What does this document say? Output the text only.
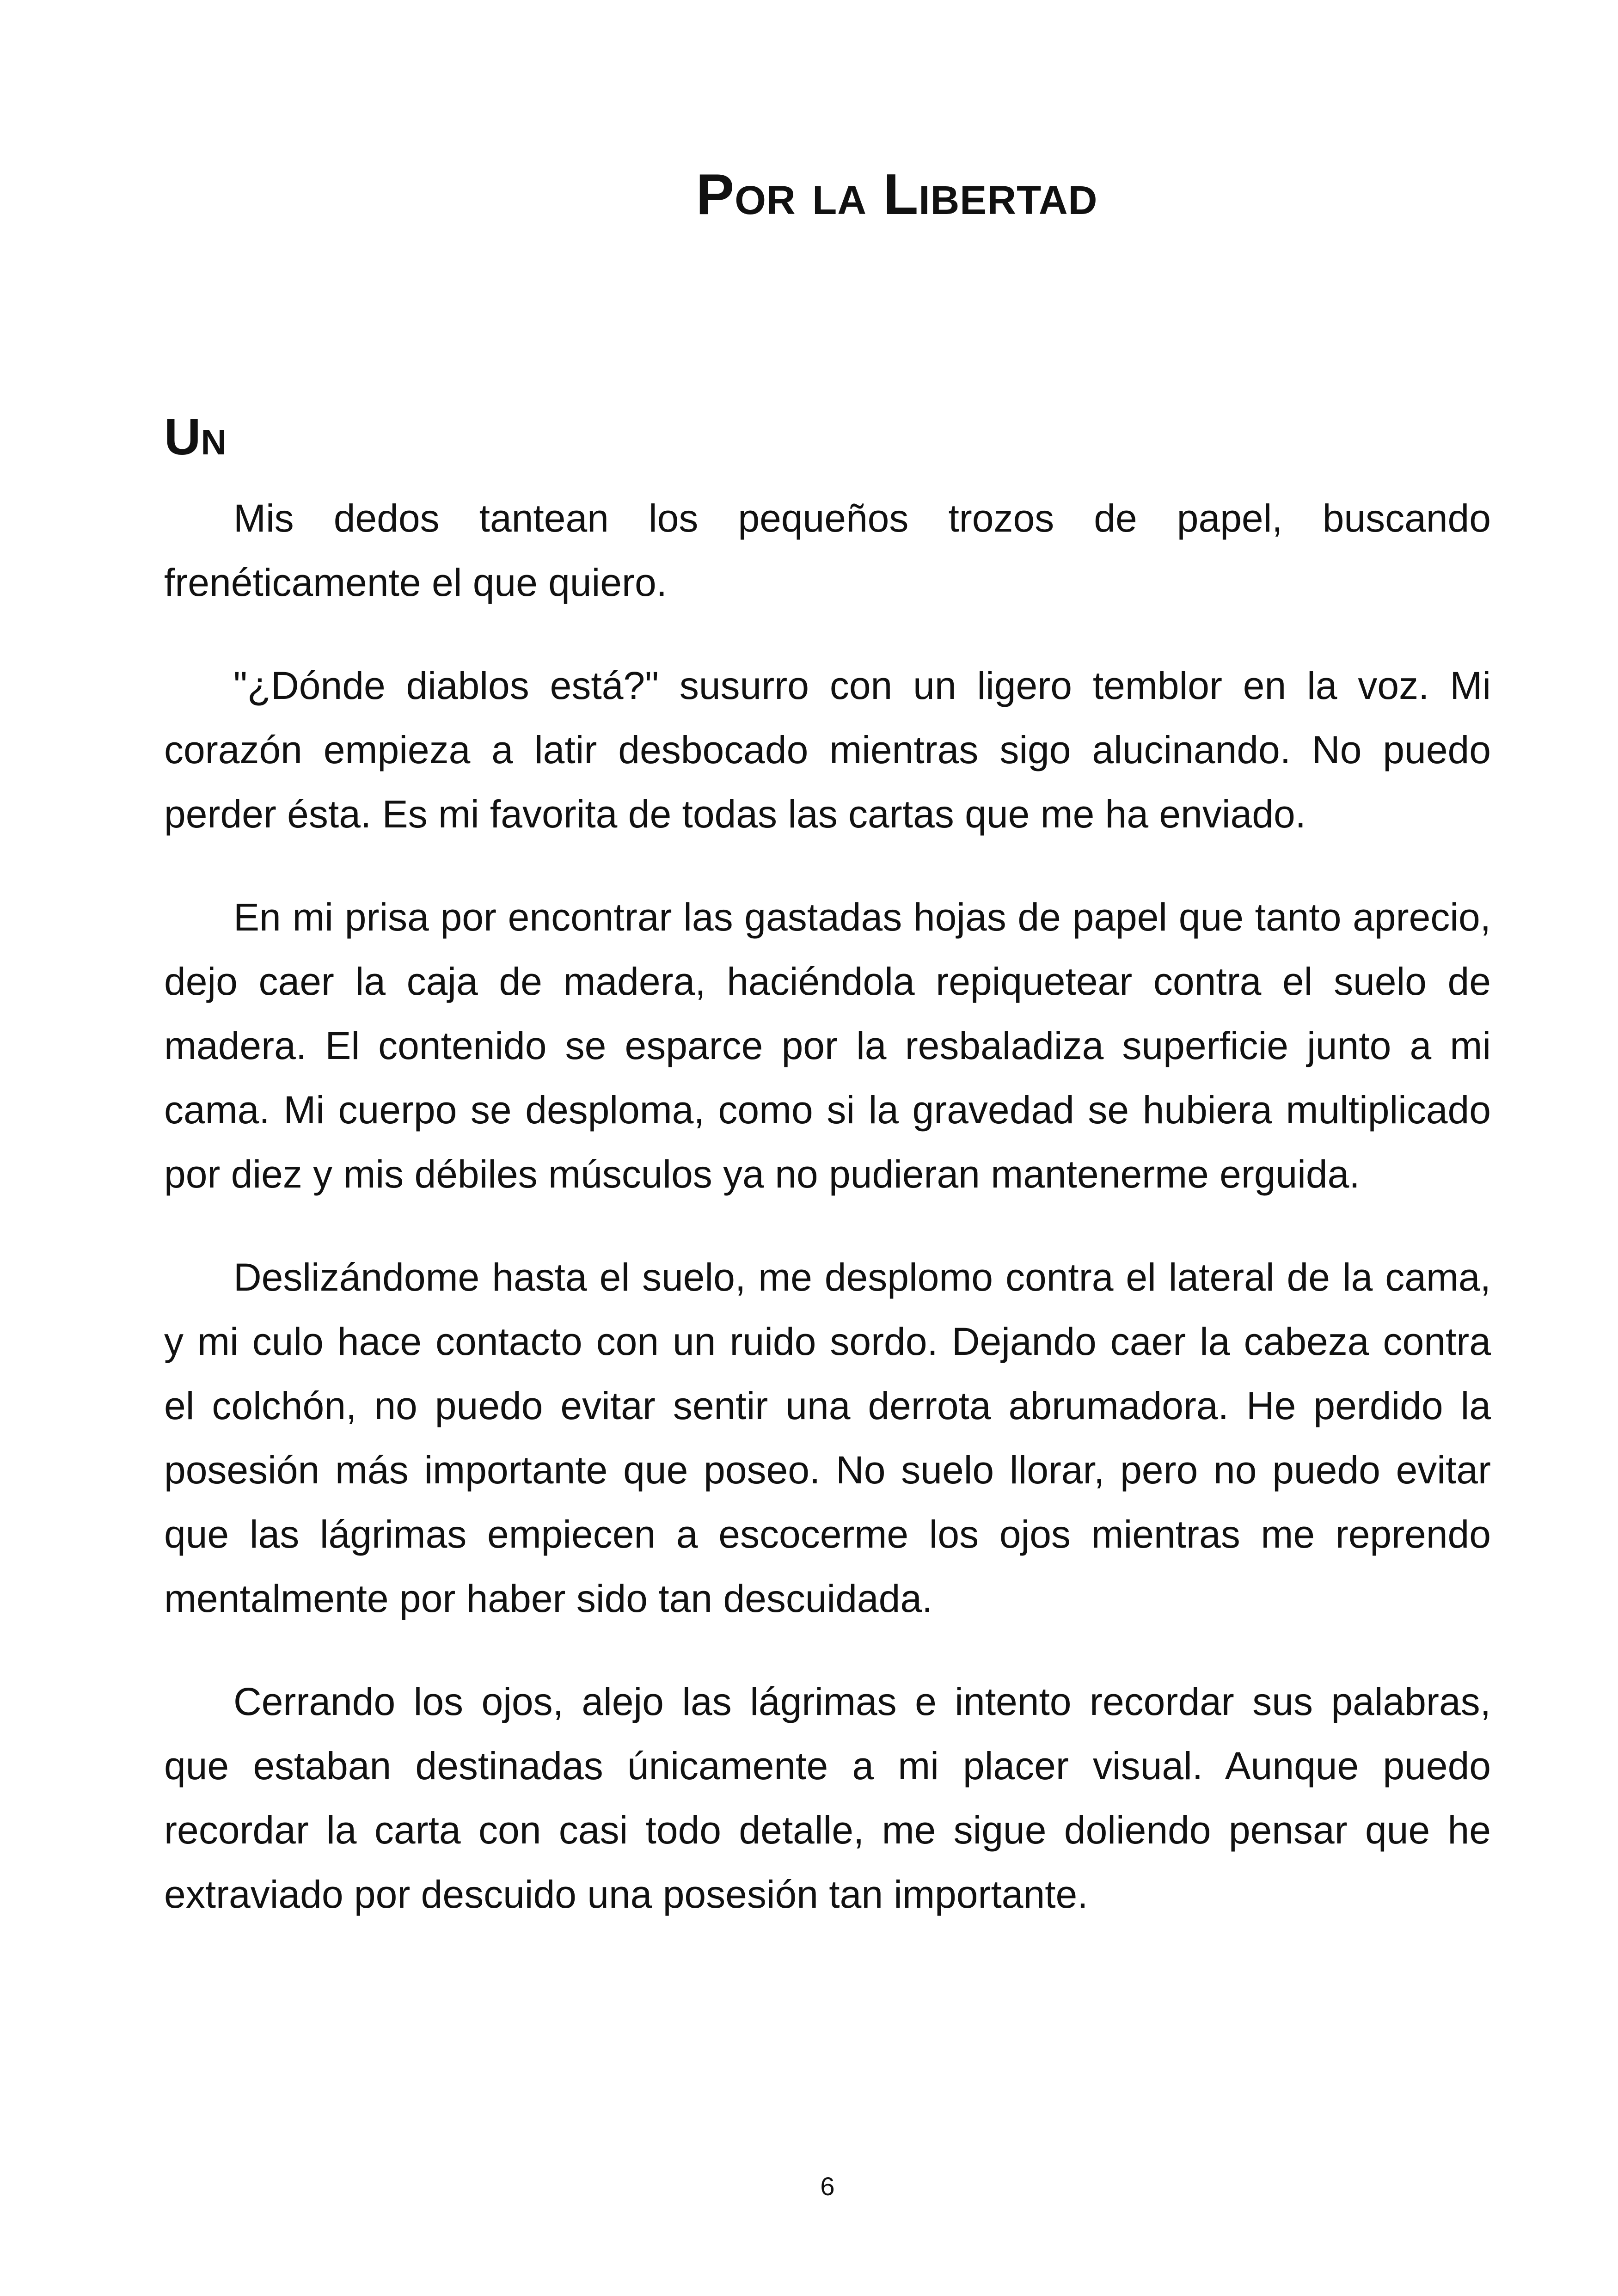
Por la Libertad
Un

Mis dedos tantean los pequeños trozos de papel, buscando frenéticamente el que quiero.

"¿Dónde diablos está?" susurro con un ligero temblor en la voz. Mi corazón empieza a latir desbocado mientras sigo alucinando. No puedo perder ésta. Es mi favorita de todas las cartas que me ha enviado.

En mi prisa por encontrar las gastadas hojas de papel que tanto aprecio, dejo caer la caja de madera, haciéndola repiquetear contra el suelo de madera. El contenido se esparce por la resbaladiza superficie junto a mi cama. Mi cuerpo se desploma, como si la gravedad se hubiera multiplicado por diez y mis débiles músculos ya no pudieran mantenerme erguida.

Deslizándome hasta el suelo, me desplomo contra el lateral de la cama, y mi culo hace contacto con un ruido sordo. Dejando caer la cabeza contra el colchón, no puedo evitar sentir una derrota abrumadora. He perdido la posesión más importante que poseo. No suelo llorar, pero no puedo evitar que las lágrimas empiecen a escocerme los ojos mientras me reprendo mentalmente por haber sido tan descuidada.

Cerrando los ojos, alejo las lágrimas e intento recordar sus palabras, que estaban destinadas únicamente a mi placer visual. Aunque puedo recordar la carta con casi todo detalle, me sigue doliendo pensar que he extraviado por descuido una posesión tan importante.

6
